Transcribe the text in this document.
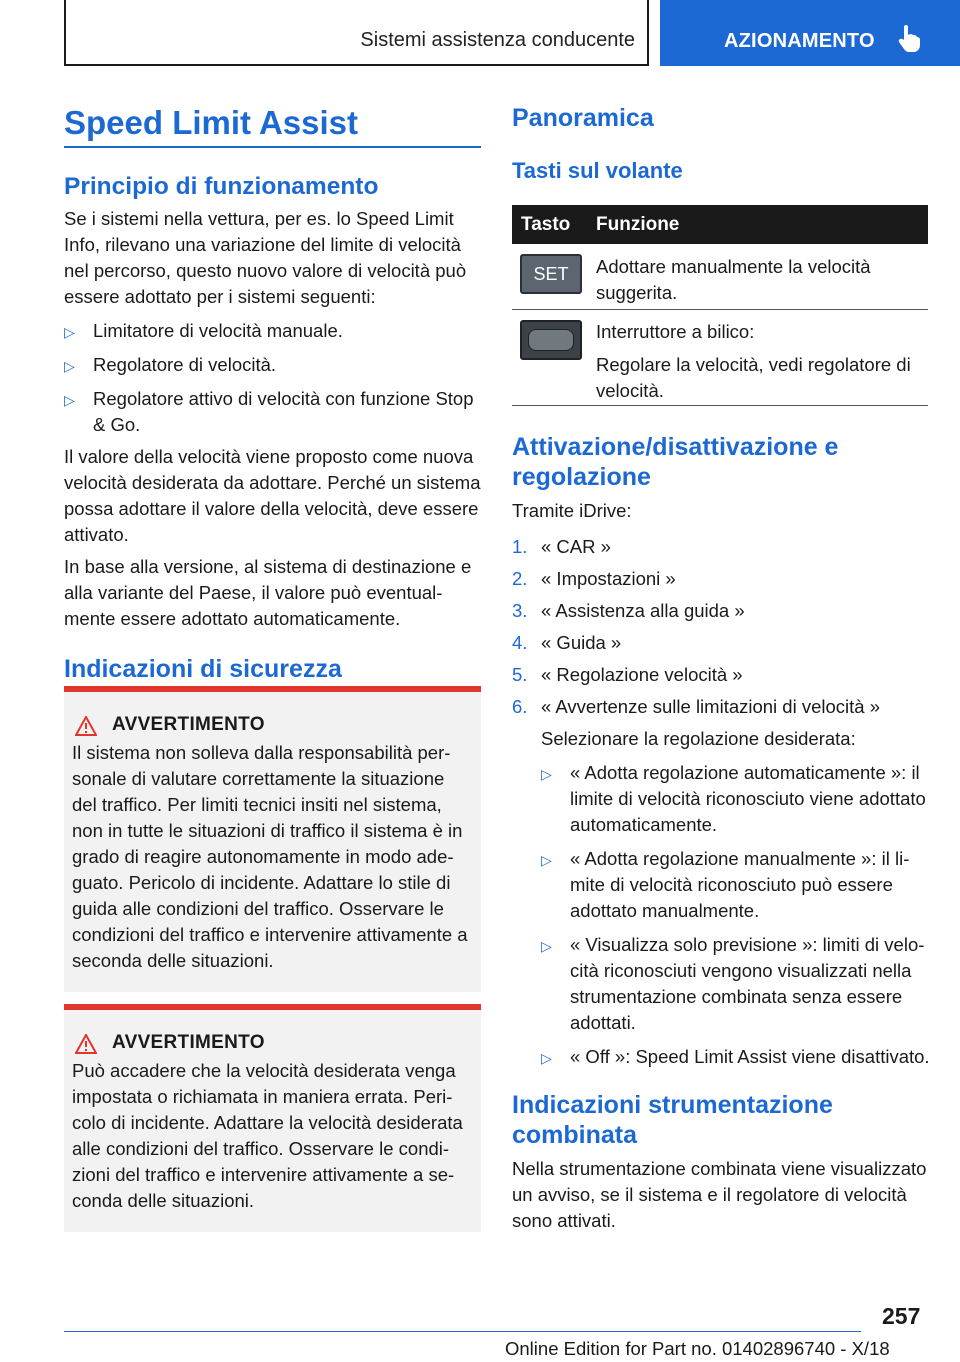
Sistemi assistenza conducente	AZIONAMENTO
Speed Limit Assist
Principio di funzionamento

Se i sistemi nella vettura, per es. lo Speed Limit Info, rilevano una variazione del limite di velocità nel percorso, questo nuovo valore di velocità può essere adottato per i sistemi seguenti:

▷ Limitatore di velocità manuale.
▷ Regolatore di velocità.
▷ Regolatore attivo di velocità con funzione Stop & Go.

Il valore della velocità viene proposto come nuova velocità desiderata da adottare. Perché un sistema possa adottare il valore della velocità, deve essere attivato.

In base alla versione, al sistema di destinazione e alla variante del Paese, il valore può eventualmente essere adottato automaticamente.

Indicazioni di sicurezza
AVVERTIMENTO
Il sistema non solleva dalla responsabilità personale di valutare correttamente la situazione del traffico. Per limiti tecnici insiti nel sistema, non in tutte le situazioni di traffico il sistema è in grado di reagire autonomamente in modo adeguato. Pericolo di incidente. Adattare lo stile di guida alle condizioni del traffico. Osservare le condizioni del traffico e intervenire attivamente a seconda delle situazioni.
AVVERTIMENTO
Può accadere che la velocità desiderata venga impostata o richiamata in maniera errata. Pericolo di incidente. Adattare la velocità desiderata alle condizioni del traffico. Osservare le condizioni del traffico e intervenire attivamente a seconda delle situazioni.
Panoramica
Tasti sul volante
Tasto Funzione
SET	Adottare manualmente la velocità suggerita.
Interruttore a bilico:
Regolare la velocità, vedi regolatore di velocità.
Attivazione/disattivazione e regolazione

Tramite iDrive:

1. « CAR »
2. « Impostazioni »
3. « Assistenza alla guida »
4. « Guida »
5. « Regolazione velocità »
6. « Avvertenze sulle limitazioni di velocità »

Selezionare la regolazione desiderata:

▷ « Adotta regolazione automaticamente »: il limite di velocità riconosciuto viene adottato automaticamente.
▷ « Adotta regolazione manualmente »: il limite di velocità riconosciuto può essere adottato manualmente.
▷ « Visualizza solo previsione »: limiti di velocità riconosciuti vengono visualizzati nella strumentazione combinata senza essere adottati.
▷ « Off »: Speed Limit Assist viene disattivato.
Indicazioni strumentazione combinata

Nella strumentazione combinata viene visualizzato un avviso, se il sistema e il regolatore di velocità sono attivati.

257
Online Edition for Part no. 01402896740 - X/18
